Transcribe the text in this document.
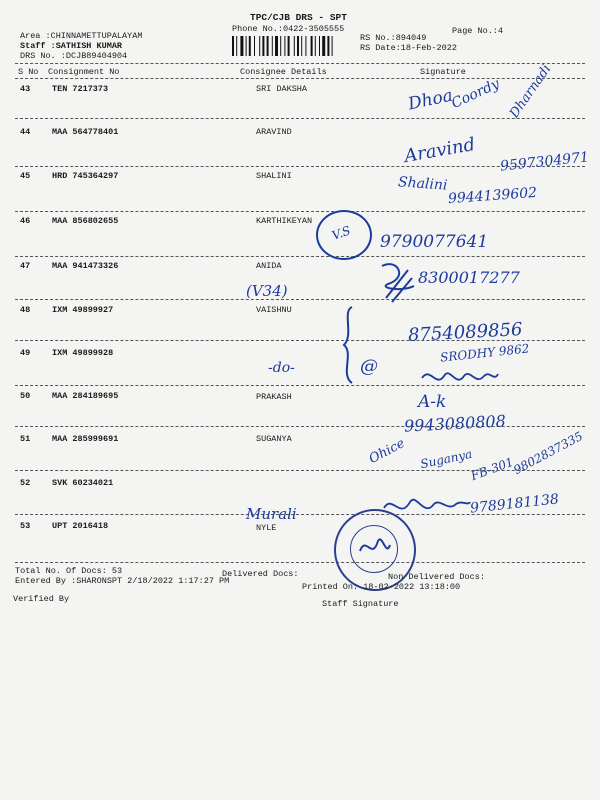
TPC/CJB DRS - SPT
Phone No.:0422-3505555	Page No.:4
Area :CHINNAMETTUPALAYAM
Staff :SATHISH KUMAR
DRS No. :DCJB89404904
RS No.:894049
RS Date:18-Feb-2022
S No Consignment No	Consignee Details	Signature
43	TEN 7217373	SRI DAKSHA
44	MAA 564778401	ARAVIND
45	HRD 745364297	SHALINI
46	MAA 856802655	KARTHIKEYAN
47	MAA 941473326	ANIDA
48	IXM 49899927	VAISHNU
49	IXM 49899928
50	MAA 284189695	PRAKASH
51	MAA 285999691	SUGANYA
52	SVK 60234021
53	UPT 2016418	NYLE
Dhoa
Coordy Dharnadi
Aravind 9597304971
Shalini
9944139602
V.S 9790077641
8300017277
(V34)
8754089856
-do-	@
SRODHY 9862
A-k
9943080808
Ohice Suganya
FB-301
9802837335
Murali	9789181138
Total No. Of Docs: 53	Delivered Docs:	Non Delivered Docs:
Entered By :SHARONSPT 2/18/2022 1:17:27 PM
Printed On: 18-02-2022 13:18:00
Verified By	Staff Signature
